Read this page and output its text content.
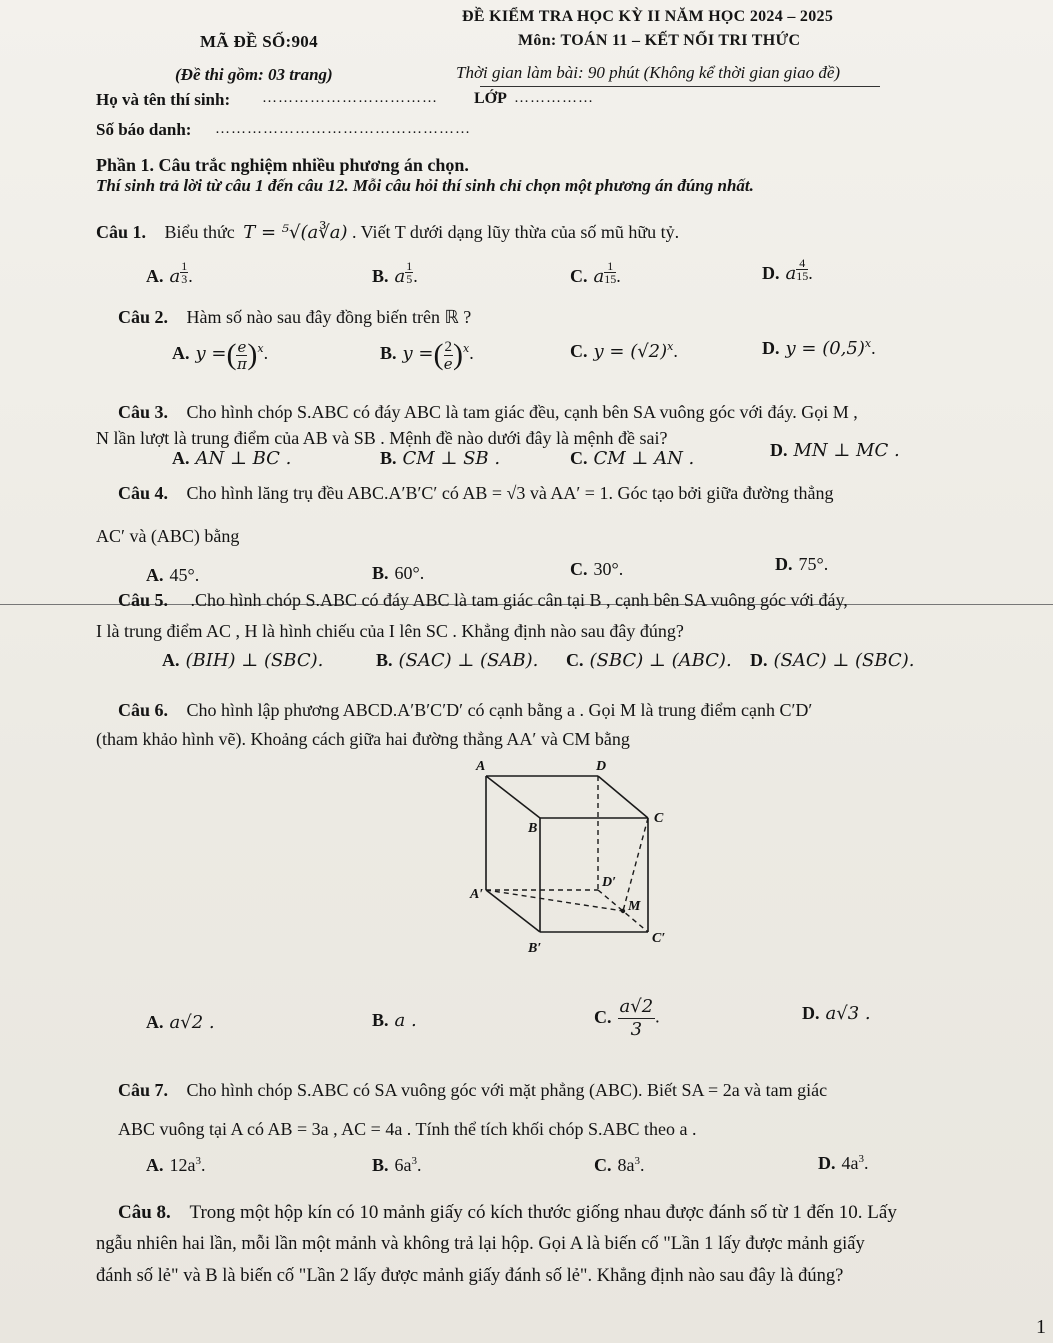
ĐỀ KIỂM TRA HỌC KỲ II NĂM HỌC 2024 – 2025
MÃ ĐỀ SỐ:904	Môn: TOÁN 11 – KẾT NỐI TRI THỨC
(Đề thi gồm: 03 trang)	Thời gian làm bài: 90 phút (Không kể thời gian giao đề)
Họ và tên thí sinh: …………………………… LỚP ……………
Số báo danh: …………………………………………
Phần 1. Câu trắc nghiệm nhiều phương án chọn.
Thí sinh trả lời từ câu 1 đến câu 12. Mỗi câu hỏi thí sinh chỉ chọn một phương án đúng nhất.
Câu 1. Biểu thức T = ⁵√(a∛a) . Viết T dưới dạng lũy thừa của số mũ hữu tỷ.
A. a $^{\frac{1}{3}}$ .	B. a $^{\frac{1}{5}}$ .	C. a $^{\frac{1}{15}}$ .	D. a $^{\frac{4}{15}}$ .
Câu 2. Hàm số nào sau đây đồng biến trên ℝ ?
A. y =( $\frac{e}{\pi} )^x$.	B. y =( $\frac{2}{e} )^x$.	C. $y = (√2)^x$.	D. $y = (0,5)^x$.
Câu 3. Cho hình chóp S.ABC có đáy ABC là tam giác đều, cạnh bên SA vuông góc với đáy. Gọi M ,
N lần lượt là trung điểm của AB và SB . Mệnh đề nào dưới đây là mệnh đề sai?
A. AN ⊥ BC .	B. CM ⊥ SB .	C. CM ⊥ AN .	D. MN ⊥ MC .
Câu 4. Cho hình lăng trụ đều ABC.A′B′C′ có AB = √3 và AA′ = 1. Góc tạo bởi giữa đường thẳng
AC′ và (ABC) bằng
A. 45°.	B. 60°.	C. 30°.	D. 75°.
Câu 5. .Cho hình chóp S.ABC có đáy ABC là tam giác cân tại B , cạnh bên SA vuông góc với đáy,
I là trung điểm AC , H là hình chiếu của I lên SC . Khẳng định nào sau đây đúng?
A. (BIH) ⊥ (SBC).	B. (SAC) ⊥ (SAB). C. (SBC) ⊥ (ABC). D. (SAC) ⊥ (SBC).
Câu 6. Cho hình lập phương ABCD.A′B′C′D′ có cạnh bằng a . Gọi M là trung điểm cạnh C′D′
(tham khảo hình vẽ). Khoảng cách giữa hai đường thẳng AA′ và CM bằng
A	D
B
C
A′
D′
M
B′
C′
A. a√2 .	B. a .	C. $\frac{a√2}{3}$ .	D. a√3 .
Câu 7. Cho hình chóp S.ABC có SA vuông góc với mặt phẳng (ABC). Biết SA = 2a và tam giác
ABC vuông tại A có AB = 3a , AC = 4a . Tính thể tích khối chóp S.ABC theo a .
A. $12a^3$.	B. $6a^3$.	C. $8a^3$.	D. $4a^3$.
Câu 8. Trong một hộp kín có 10 mảnh giấy có kích thước giống nhau được đánh số từ 1 đến 10. Lấy
ngẫu nhiên hai lần, mỗi lần một mảnh và không trả lại hộp. Gọi A là biến cố "Lần 1 lấy được mảnh giấy
đánh số lẻ" và B là biến cố "Lần 2 lấy được mảnh giấy đánh số lẻ". Khẳng định nào sau đây là đúng?
1
